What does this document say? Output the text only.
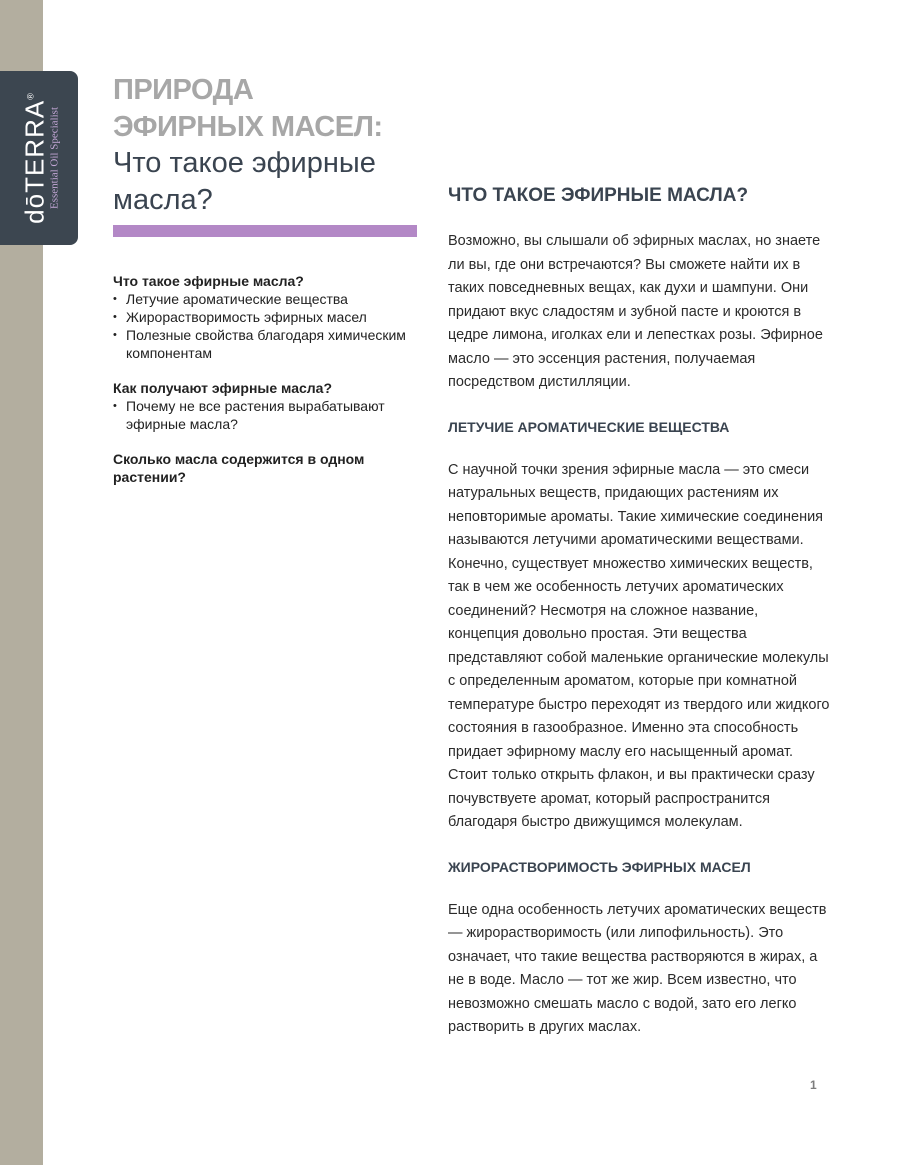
dōTERRA®
Essential Oil Specialist
ПРИРОДА
ЭФИРНЫХ МАСЕЛ:
Что такое эфирные
масла?
Что такое эфирные масла?
• Летучие ароматические вещества
• Жирорастворимость эфирных масел
• Полезные свойства благодаря химическим компонентам
Как получают эфирные масла?
• Почему не все растения вырабатывают эфирные масла?
Сколько масла содержится в одном растении?
ЧТО ТАКОЕ ЭФИРНЫЕ МАСЛА?

Возможно, вы слышали об эфирных маслах, но знаете ли вы, где они встречаются? Вы сможете найти их в таких повседневных вещах, как духи и шампуни. Они придают вкус сладостям и зубной пасте и кроются в цедре лимона, иголках ели и лепестках розы. Эфирное масло — это эссенция растения, получаемая посредством дистилляции.

ЛЕТУЧИЕ АРОМАТИЧЕСКИЕ ВЕЩЕСТВА

С научной точки зрения эфирные масла — это смеси натуральных веществ, придающих растениям их неповторимые ароматы. Такие химические соединения называются летучими ароматическими веществами. Конечно, существует множество химических веществ, так в чем же особенность летучих ароматических соединений? Несмотря на сложное название, концепция довольно простая. Эти вещества представляют собой маленькие органические молекулы с определенным ароматом, которые при комнатной температуре быстро переходят из твердого или жидкого состояния в газообразное. Именно эта способность придает эфирному маслу его насыщенный аромат. Стоит только открыть флакон, и вы практически сразу почувствуете аромат, который распространится благодаря быстро движущимся молекулам.

ЖИРОРАСТВОРИМОСТЬ ЭФИРНЫХ МАСЕЛ

Еще одна особенность летучих ароматических веществ — жирорастворимость (или липофильность). Это означает, что такие вещества растворяются в жирах, а не в воде. Масло — тот же жир. Всем известно, что невозможно смешать масло с водой, зато его легко растворить в других маслах.

1
